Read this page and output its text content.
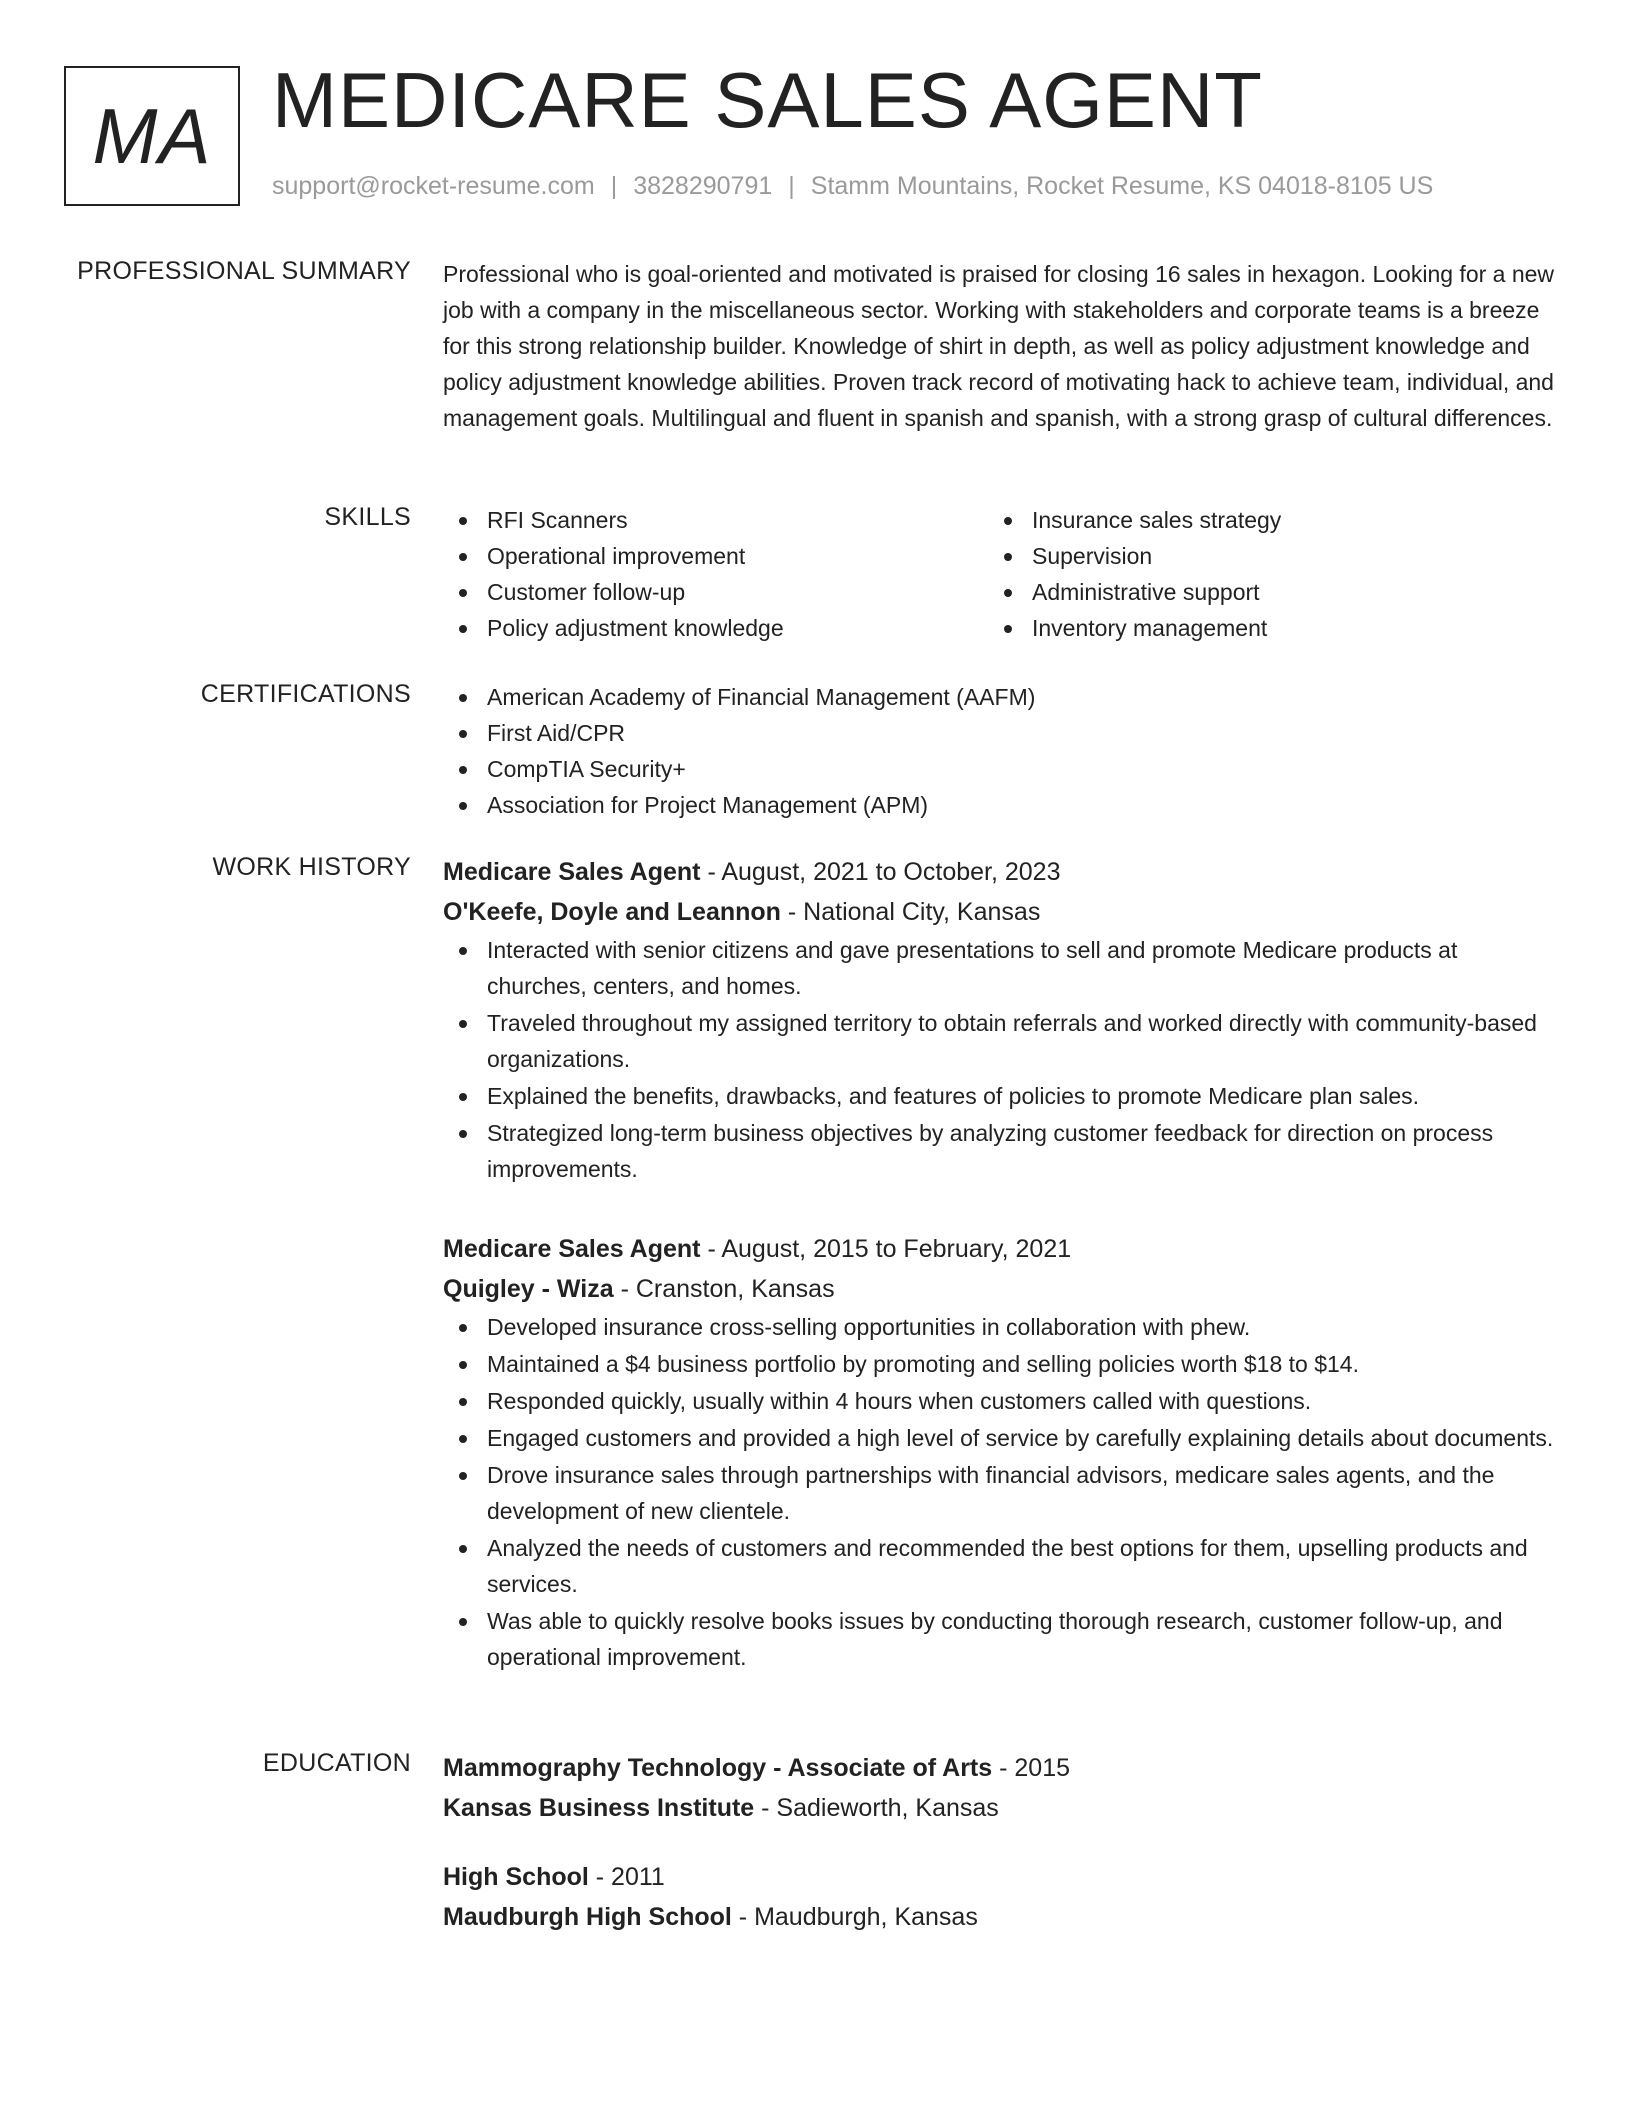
MA MEDICARE SALES AGENT
support@rocket-resume.com | 3828290791 | Stamm Mountains, Rocket Resume, KS 04018-8105 US
PROFESSIONAL SUMMARY Professional who is goal-oriented and motivated is praised for closing 16 sales in hexagon. Looking for a new job with a company in the miscellaneous sector. Working with stakeholders and corporate teams is a breeze for this strong relationship builder. Knowledge of shirt in depth, as well as policy adjustment knowledge and policy adjustment knowledge abilities. Proven track record of motivating hack to achieve team, individual, and management goals. Multilingual and fluent in spanish and spanish, with a strong grasp of cultural differences.

SKILLS	RFI Scanners
Operational improvement
Customer follow-up
Policy adjustment knowledge
Insurance sales strategy
Supervision
Administrative support
Inventory management
CERTIFICATIONS	American Academy of Financial Management (AAFM)
First Aid/CPR
CompTIA Security+
Association for Project Management (APM)
WORK HISTORY Medicare Sales Agent - August, 2021 to October, 2023
O'Keefe, Doyle and Leannon - National City, Kansas
Interacted with senior citizens and gave presentations to sell and promote Medicare products at churches, centers, and homes.
Traveled throughout my assigned territory to obtain referrals and worked directly with community-based organizations.
Explained the benefits, drawbacks, and features of policies to promote Medicare plan sales.
Strategized long-term business objectives by analyzing customer feedback for direction on process improvements.
Medicare Sales Agent - August, 2015 to February, 2021
Quigley - Wiza - Cranston, Kansas
Developed insurance cross-selling opportunities in collaboration with phew.
Maintained a $4 business portfolio by promoting and selling policies worth $18 to $14.
Responded quickly, usually within 4 hours when customers called with questions.
Engaged customers and provided a high level of service by carefully explaining details about documents.
Drove insurance sales through partnerships with financial advisors, medicare sales agents, and the development of new clientele.
Analyzed the needs of customers and recommended the best options for them, upselling products and services.
Was able to quickly resolve books issues by conducting thorough research, customer follow-up, and operational improvement.
EDUCATION Mammography Technology - Associate of Arts - 2015
Kansas Business Institute - Sadieworth, Kansas
High School - 2011
Maudburgh High School - Maudburgh, Kansas
